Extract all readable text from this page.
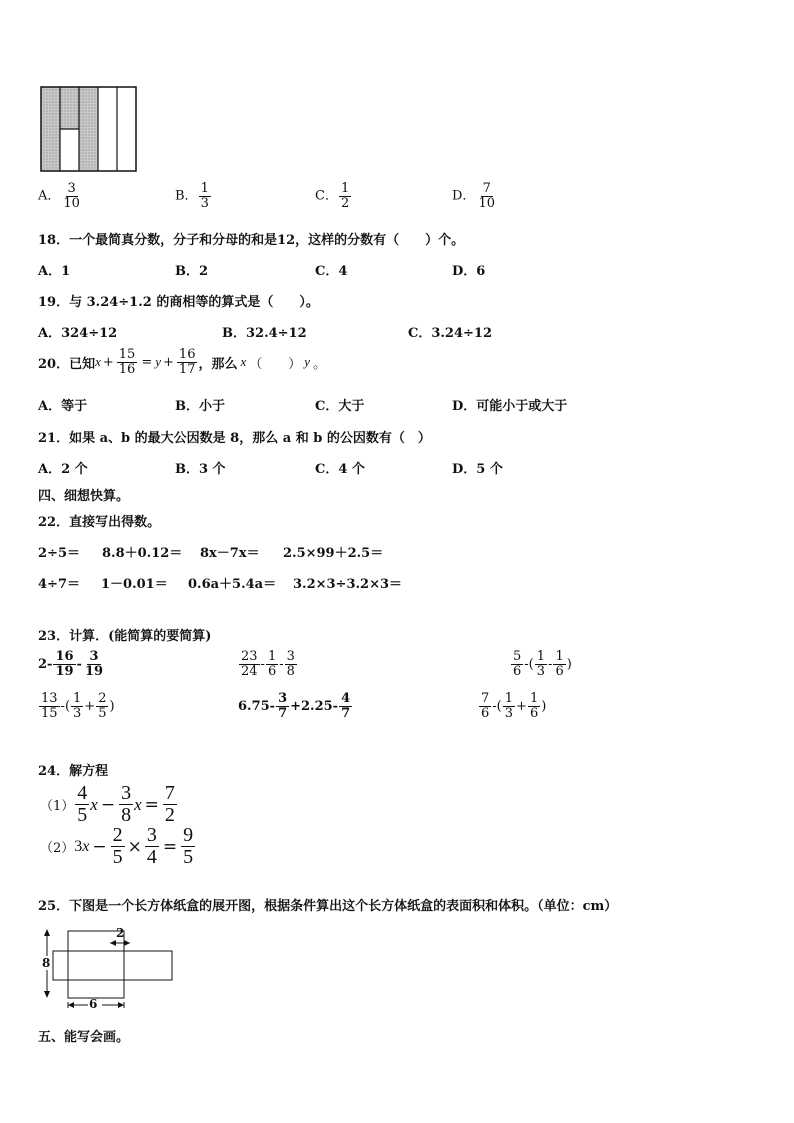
A． $\frac{3}{10}$	B． $\frac{1}{3}$	C． $\frac{1}{2}$	D． $\frac{7}{10}$
18．一个最简真分数，分子和分母的和是12，这样的分数有（　　）个。
A．1	B．2	C．4	D．6
19．与 3.24÷1.2 的商相等的算式是（　　）。
A．324÷12	B．32.4÷12	C．3.24÷12
20．已知 $x + \frac{15}{16} = y + \frac{16}{17}$ ，那么 x （　　） y 。
A．等于	B．小于	C．大于	D．可能小于或大于
21．如果 a、b 的最大公因数是 8，那么 a 和 b 的公因数有（　）
A．2 个	B．3 个	C．4 个	D．5 个
四、细想快算。
22．直接写出得数。
2÷5＝ 8.8＋0.12＝ 8x－7x＝ 2.5×99＋2.5＝
4÷7＝ 1－0.01＝ 0.6a＋5.4a＝ 3.2×3÷3.2×3＝
23．计算．(能简算的要简算)
$2- \frac{16}{19} - \frac{3}{19}$	$\frac{23}{24} - \frac{1}{6} - \frac{3}{8}$	$\frac{5}{6}$ -( $\frac{1}{3} - \frac{1}{6}$ )
$\frac{13}{15}$ -( $\frac{1}{3} + \frac{2}{5}$ )	$6.75- \frac{3}{7} +2.25- \frac{4}{7}$	$\frac{7}{6}$ -( $\frac{1}{3} + \frac{1}{6}$ )
24．解方程
$(1) \frac{4}{5}$ $x - \frac{3}{8}$ $x = \frac{7}{2}$
（2） 3 $x - \frac{2}{5} \times \frac{3}{4} = \frac{9}{5}$
25．下图是一个长方体纸盒的展开图，根据条件算出这个长方体纸盒的表面积和体积。（单位：cm）
8
2
6
五、能写会画。
